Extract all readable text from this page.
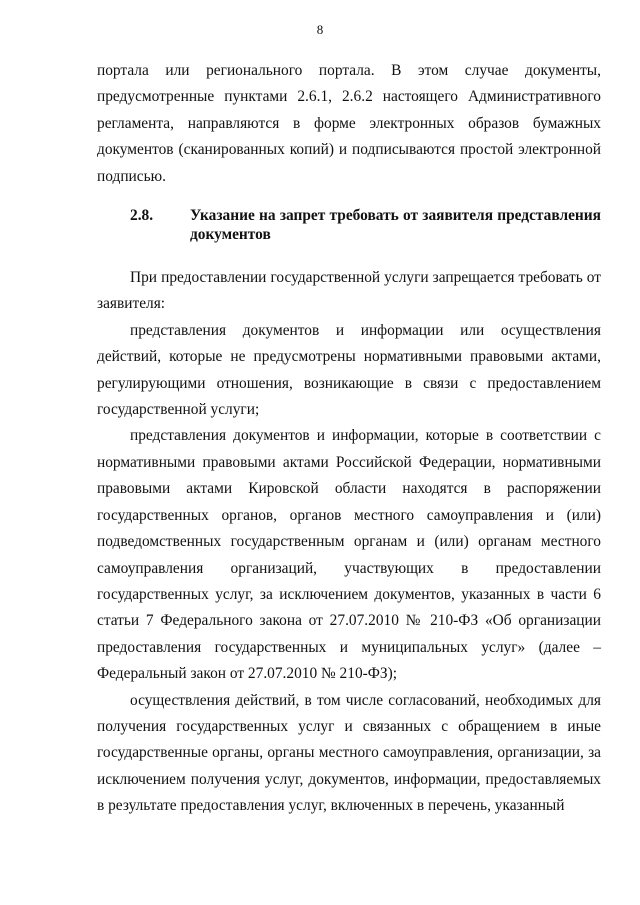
8

портала или регионального портала. В этом случае документы, предусмотренные пунктами 2.6.1, 2.6.2 настоящего Административного регламента, направляются в форме электронных образов бумажных документов (сканированных копий) и подписываются простой электронной подписью.

2.8.	Указание на запрет требовать от заявителя представления документов

При предоставлении государственной услуги запрещается требовать от заявителя:

представления документов и информации или осуществления действий, которые не предусмотрены нормативными правовыми актами, регулирующими отношения, возникающие в связи с предоставлением государственной услуги;

представления документов и информации, которые в соответствии с нормативными правовыми актами Российской Федерации, нормативными правовыми актами Кировской области находятся в распоряжении государственных органов, органов местного самоуправления и (или) подведомственных государственным органам и (или) органам местного самоуправления организаций, участвующих в предоставлении государственных услуг, за исключением документов, указанных в части 6 статьи 7 Федерального закона от 27.07.2010 № 210-ФЗ «Об организации предоставления государственных и муниципальных услуг» (далее – Федеральный закон от 27.07.2010 № 210-ФЗ);

осуществления действий, в том числе согласований, необходимых для получения государственных услуг и связанных с обращением в иные государственные органы, органы местного самоуправления, организации, за исключением получения услуг, документов, информации, предоставляемых в результате предоставления услуг, включенных в перечень, указанный
